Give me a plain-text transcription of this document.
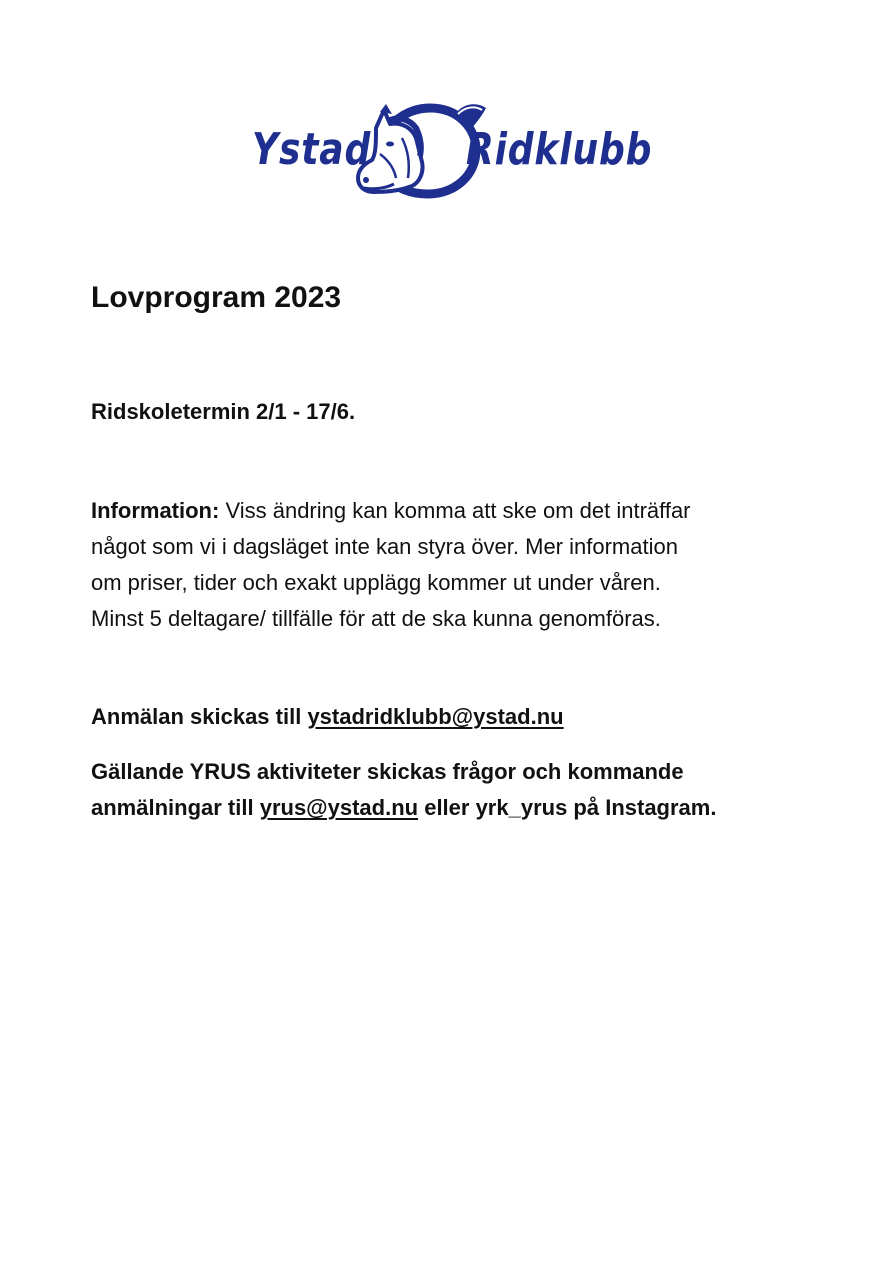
Ystad Ridklubb
Lovprogram 2023

Ridskoletermin 2/1 - 17/6.

Information: Viss ändring kan komma att ske om det inträffar
något som vi i dagsläget inte kan styra över. Mer information
om priser, tider och exakt upplägg kommer ut under våren.
Minst 5 deltagare/ tillfälle för att de ska kunna genomföras.

Anmälan skickas till ystadridklubb@ystad.nu

Gällande YRUS aktiviteter skickas frågor och kommande
anmälningar till yrus@ystad.nu eller yrk_yrus på Instagram.
